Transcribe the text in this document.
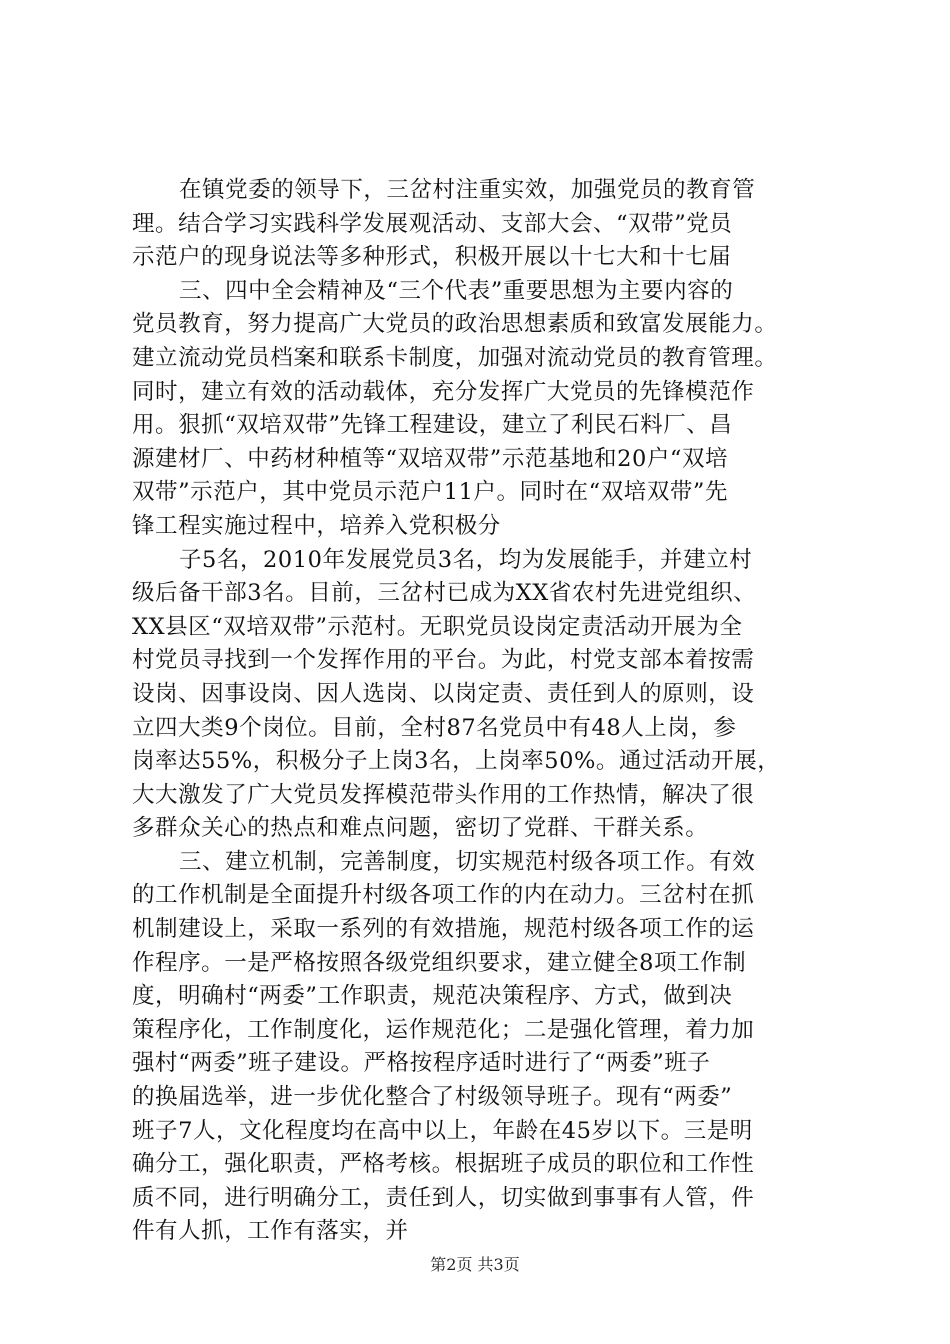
在镇党委的领导下，三岔村注重实效，加强党员的教育管
理。结合学习实践科学发展观活动、支部大会、“双带”党员
示范户的现身说法等多种形式，积极开展以十七大和十七届
三、四中全会精神及“三个代表”重要思想为主要内容的
党员教育，努力提高广大党员的政治思想素质和致富发展能力。
建立流动党员档案和联系卡制度，加强对流动党员的教育管理。
同时，建立有效的活动载体，充分发挥广大党员的先锋模范作
用。狠抓“双培双带”先锋工程建设，建立了利民石料厂、昌
源建材厂、中药材种植等“双培双带”示范基地和20户“双培
双带”示范户，其中党员示范户11户。同时在“双培双带”先
锋工程实施过程中，培养入党积极分
子5名，2010年发展党员3名，均为发展能手，并建立村
级后备干部3名。目前，三岔村已成为XX省农村先进党组织、
XX县区“双培双带”示范村。无职党员设岗定责活动开展为全
村党员寻找到一个发挥作用的平台。为此，村党支部本着按需
设岗、因事设岗、因人选岗、以岗定责、责任到人的原则，设
立四大类9个岗位。目前，全村87名党员中有48人上岗，参
岗率达55%，积极分子上岗3名，上岗率50%。通过活动开展，
大大激发了广大党员发挥模范带头作用的工作热情，解决了很
多群众关心的热点和难点问题，密切了党群、干群关系。
三、建立机制，完善制度，切实规范村级各项工作。有效
的工作机制是全面提升村级各项工作的内在动力。三岔村在抓
机制建设上，采取一系列的有效措施，规范村级各项工作的运
作程序。一是严格按照各级党组织要求，建立健全8项工作制
度，明确村“两委”工作职责，规范决策程序、方式，做到决
策程序化，工作制度化，运作规范化；二是强化管理，着力加
强村“两委”班子建设。严格按程序适时进行了“两委”班子
的换届选举，进一步优化整合了村级领导班子。现有“两委”
班子7人，文化程度均在高中以上，年龄在45岁以下。三是明
确分工，强化职责，严格考核。根据班子成员的职位和工作性
质不同，进行明确分工，责任到人，切实做到事事有人管，件
件有人抓，工作有落实，并
第2页 共3页
